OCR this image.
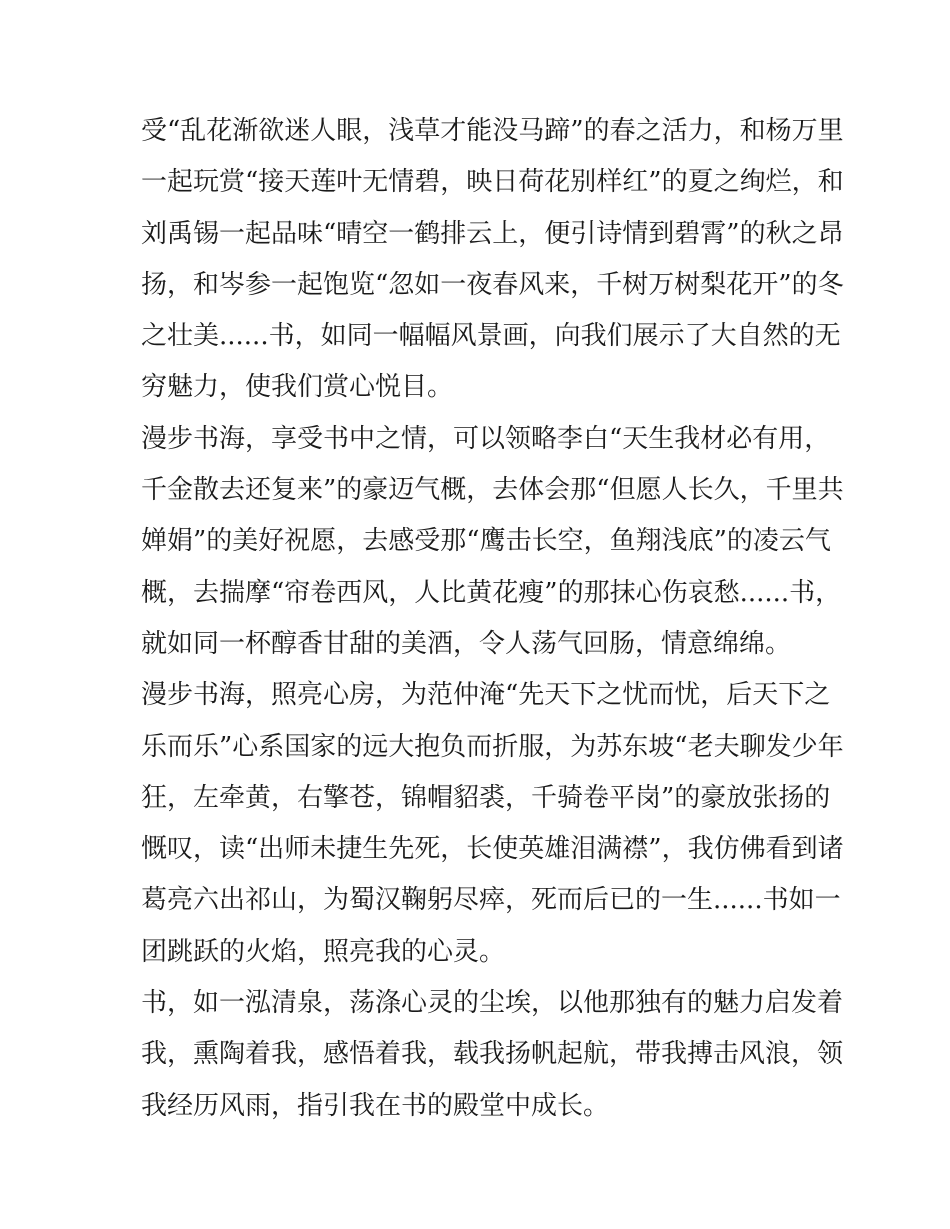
受“乱花渐欲迷人眼，浅草才能没马蹄”的春之活力，和杨万里
一起玩赏“接天莲叶无情碧，映日荷花别样红”的夏之绚烂，和
刘禹锡一起品味“晴空一鹤排云上，便引诗情到碧霄”的秋之昂
扬，和岑参一起饱览“忽如一夜春风来，千树万树梨花开”的冬
之壮美......书，如同一幅幅风景画，向我们展示了大自然的无
穷魅力，使我们赏心悦目。
漫步书海，享受书中之情，可以领略李白“天生我材必有用，
千金散去还复来”的豪迈气概，去体会那“但愿人长久，千里共
婵娟”的美好祝愿，去感受那“鹰击长空，鱼翔浅底”的凌云气
概，去揣摩“帘卷西风，人比黄花瘦”的那抹心伤哀愁......书，
就如同一杯醇香甘甜的美酒，令人荡气回肠，情意绵绵。
漫步书海，照亮心房，为范仲淹“先天下之忧而忧，后天下之
乐而乐”心系国家的远大抱负而折服，为苏东坡“老夫聊发少年
狂，左牵黄，右擎苍，锦帽貂裘，千骑卷平岗”的豪放张扬的
慨叹，读“出师未捷生先死，长使英雄泪满襟”，我仿佛看到诸
葛亮六出祁山，为蜀汉鞠躬尽瘁，死而后已的一生......书如一
团跳跃的火焰，照亮我的心灵。
书，如一泓清泉，荡涤心灵的尘埃，以他那独有的魅力启发着
我，熏陶着我，感悟着我，载我扬帆起航，带我搏击风浪，领
我经历风雨，指引我在书的殿堂中成长。
